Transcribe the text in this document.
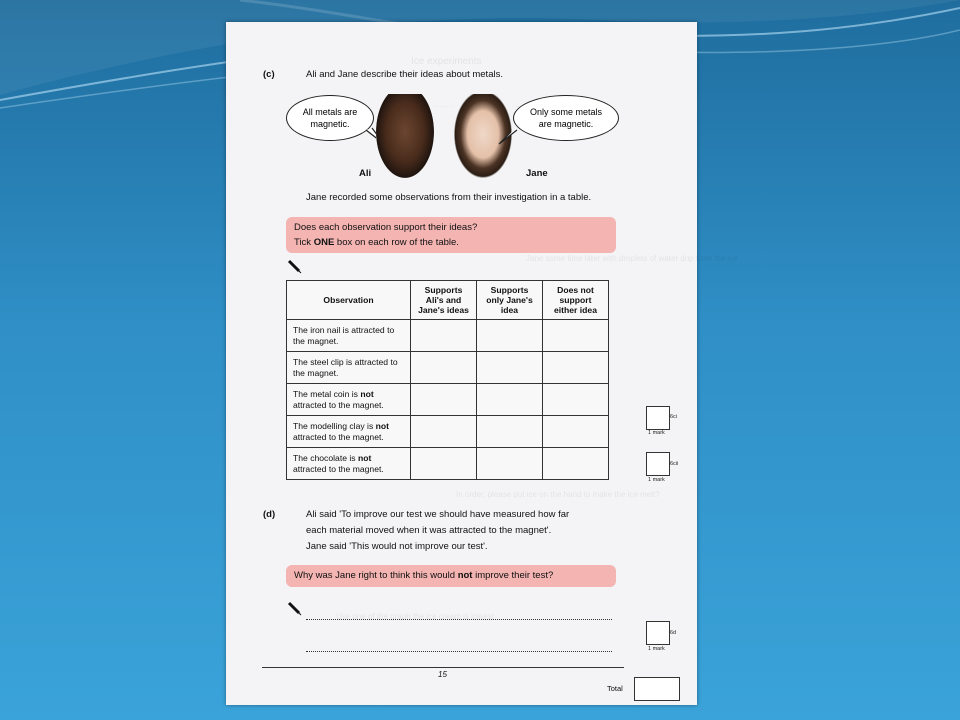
Ice experiments
Jane some time later with droplets of water drip from the ice
In order, please put ice on the hand to make the ice melt?
Use one of the graph the ice cream is lowest
(c)	Ali and Jane describe their ideas about metals.
All metals are magnetic.
Ali	Jane
Only some metals are magnetic.
Jane recorded some observations from their investigation in a table.
Does each observation support their ideas?
Tick ONE box on each row of the table.
Observation	Supports Ali's and Jane's ideas	Supports only Jane's idea	Does not support either idea
The iron nail is attracted to the magnet.			
The steel clip is attracted to the magnet.			
The metal coin is not attracted to the magnet.			
The modelling clay is not attracted to the magnet.			
The chocolate is not attracted to the magnet.			
6ci
1 mark
6cii
1 mark
(d)	Ali said 'To improve our test we should have measured how far
each material moved when it was attracted to the magnet'.
Jane said 'This would not improve our test'.
Why was Jane right to think this would not improve their test?
6d
1 mark
15
Total
